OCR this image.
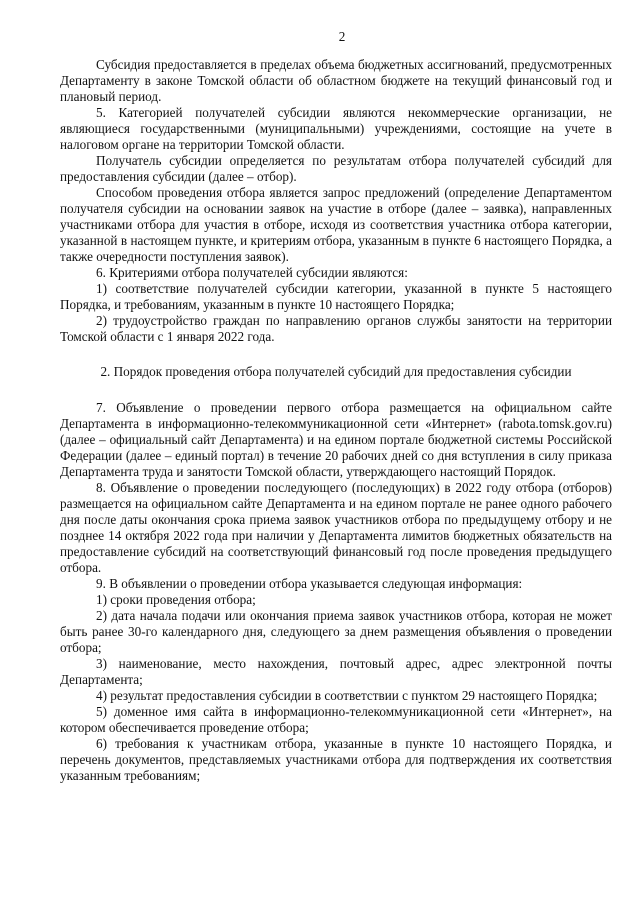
2

Субсидия предоставляется в пределах объема бюджетных ассигнований, предусмотренных Департаменту в законе Томской области об областном бюджете на текущий финансовый год и плановый период.

5. Категорией получателей субсидии являются некоммерческие организации, не являющиеся государственными (муниципальными) учреждениями, состоящие на учете в налоговом органе на территории Томской области.

Получатель субсидии определяется по результатам отбора получателей субсидий для предоставления субсидии (далее – отбор).

Способом проведения отбора является запрос предложений (определение Департаментом получателя субсидии на основании заявок на участие в отборе (далее – заявка), направленных участниками отбора для участия в отборе, исходя из соответствия участника отбора категории, указанной в настоящем пункте, и критериям отбора, указанным в пункте 6 настоящего Порядка, а также очередности поступления заявок).

6. Критериями отбора получателей субсидии являются:

1) соответствие получателей субсидии категории, указанной в пункте 5 настоящего Порядка, и требованиям, указанным в пункте 10 настоящего Порядка;

2) трудоустройство граждан по направлению органов службы занятости на территории Томской области с 1 января 2022 года.

2. Порядок проведения отбора получателей субсидий для предоставления субсидии

7. Объявление о проведении первого отбора размещается на официальном сайте Департамента в информационно-телекоммуникационной сети «Интернет» (rabota.tomsk.gov.ru) (далее – официальный сайт Департамента) и на едином портале бюджетной системы Российской Федерации (далее – единый портал) в течение 20 рабочих дней со дня вступления в силу приказа Департамента труда и занятости Томской области, утверждающего настоящий Порядок.

8. Объявление о проведении последующего (последующих) в 2022 году отбора (отборов) размещается на официальном сайте Департамента и на едином портале не ранее одного рабочего дня после даты окончания срока приема заявок участников отбора по предыдущему отбору и не позднее 14 октября 2022 года при наличии у Департамента лимитов бюджетных обязательств на предоставление субсидий на соответствующий финансовый год после проведения предыдущего отбора.

9. В объявлении о проведении отбора указывается следующая информация:

1) сроки проведения отбора;

2) дата начала подачи или окончания приема заявок участников отбора, которая не может быть ранее 30-го календарного дня, следующего за днем размещения объявления о проведении отбора;

3) наименование, место нахождения, почтовый адрес, адрес электронной почты Департамента;

4) результат предоставления субсидии в соответствии с пунктом 29 настоящего Порядка;

5) доменное имя сайта в информационно-телекоммуникационной сети «Интернет», на котором обеспечивается проведение отбора;

6) требования к участникам отбора, указанные в пункте 10 настоящего Порядка, и перечень документов, представляемых участниками отбора для подтверждения их соответствия указанным требованиям;
